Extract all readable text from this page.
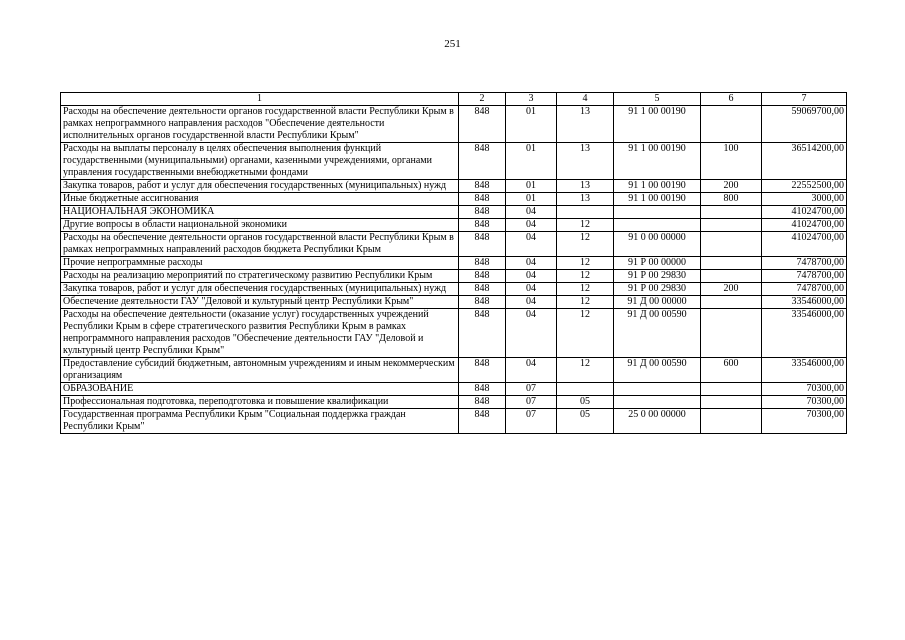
251
1	2	3	4	5	6	7
Расходы на обеспечение деятельности органов государственной власти Республики Крым в рамках непрограммного направления расходов "Обеспечение деятельности исполнительных органов государственной власти Республики Крым"	848	01	13	91 1 00 00190		59069700,00
Расходы на выплаты персоналу в целях обеспечения выполнения функций государственными (муниципальными) органами, казенными учреждениями, органами управления государственными внебюджетными фондами	848	01	13	91 1 00 00190	100	36514200,00
Закупка товаров, работ и услуг для обеспечения государственных (муниципальных) нужд	848	01	13	91 1 00 00190	200	22552500,00
Иные бюджетные ассигнования	848	01	13	91 1 00 00190	800	3000,00
НАЦИОНАЛЬНАЯ ЭКОНОМИКА	848	04				41024700,00
Другие вопросы в области национальной экономики	848	04	12			41024700,00
Расходы на обеспечение деятельности органов государственной власти Республики Крым в рамках непрограммных направлений расходов бюджета Республики Крым	848	04	12	91 0 00 00000		41024700,00
Прочие непрограммные расходы	848	04	12	91 Р 00 00000		7478700,00
Расходы на реализацию мероприятий по стратегическому развитию Республики Крым	848	04	12	91 Р 00 29830		7478700,00
Закупка товаров, работ и услуг для обеспечения государственных (муниципальных) нужд	848	04	12	91 Р 00 29830	200	7478700,00
Обеспечение деятельности ГАУ "Деловой и культурный центр Республики Крым"	848	04	12	91 Д 00 00000		33546000,00
Расходы на обеспечение деятельности (оказание услуг) государственных учреждений Республики Крым в сфере стратегического развития Республики Крым в рамках непрограммного направления расходов "Обеспечение деятельности ГАУ "Деловой и культурный центр Республики Крым"	848	04	12	91 Д 00 00590		33546000,00
Предоставление субсидий бюджетным, автономным учреждениям и иным некоммерческим организациям	848	04	12	91 Д 00 00590	600	33546000,00
ОБРАЗОВАНИЕ	848	07				70300,00
Профессиональная подготовка, переподготовка и повышение квалификации	848	07	05			70300,00
Государственная программа Республики Крым "Социальная поддержка граждан Республики Крым"	848	07	05	25 0 00 00000		70300,00
